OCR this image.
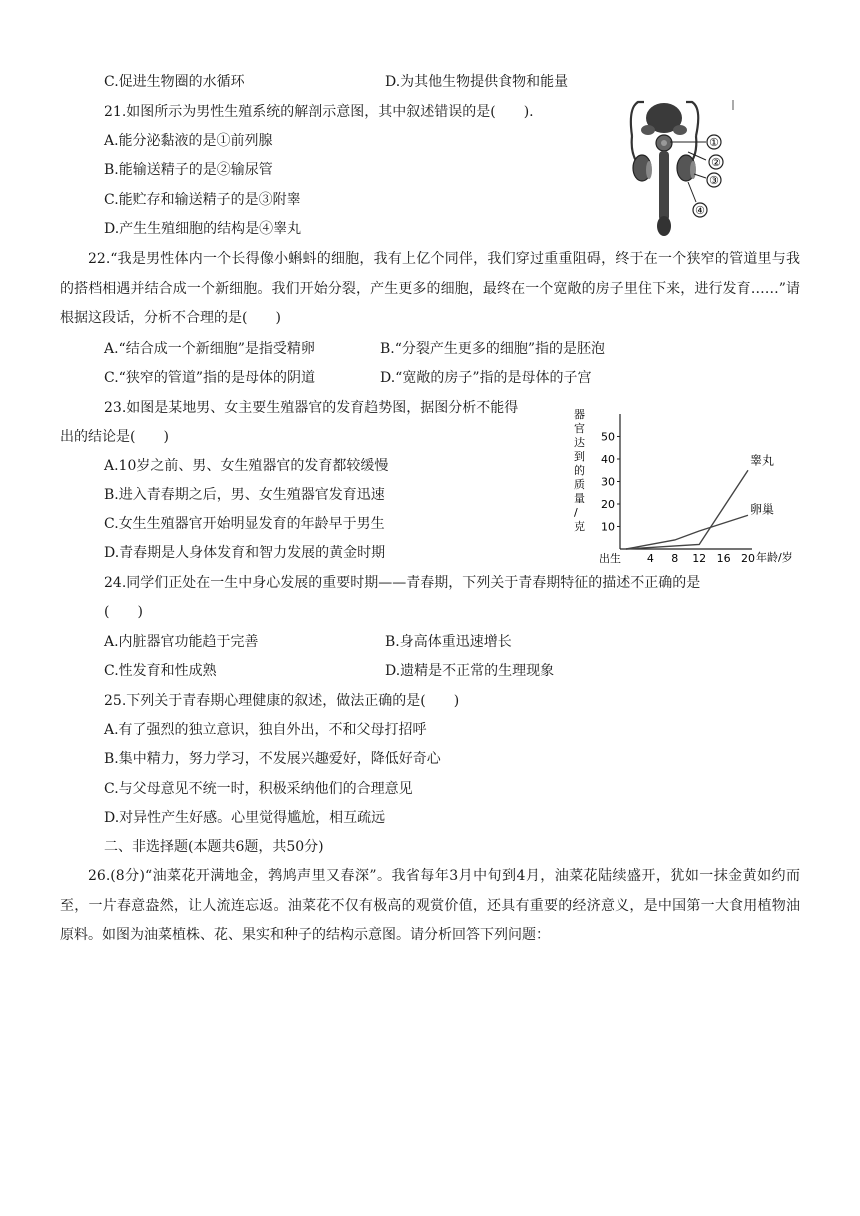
C.促进生物圈的水循环	D.为其他生物提供食物和能量
21.如图所示为男性生殖系统的解剖示意图，其中叙述错误的是(　　).
A.能分泌黏液的是①前列腺
B.能输送精子的是②输尿管
C.能贮存和输送精子的是③附睾
D.产生生殖细胞的结构是④睾丸
①
②
③
④
22.“我是男性体内一个长得像小蝌蚪的细胞，我有上亿个同伴，我们穿过重重阻碍，终于在一个狭窄的管道里与我的搭档相遇并结合成一个新细胞。我们开始分裂，产生更多的细胞，最终在一个宽敞的房子里住下来，进行发育……”请根据这段话，分析不合理的是(　　)
A.“结合成一个新细胞”是指受精卵	B.“分裂产生更多的细胞”指的是胚泡
C.“狭窄的管道”指的是母体的阴道	D.“宽敞的房子”指的是母体的子宫
23.如图是某地男、女主要生殖器官的发育趋势图，据图分析不能得
出的结论是(　　)
A.10岁之前、男、女生殖器官的发育都较缓慢
B.进入青春期之后，男、女生殖器官发育迅速
C.女生生殖器官开始明显发育的年龄早于男生
D.青春期是人身体发育和智力发展的黄金时期
器
官
达
到
的
质
量
/
克 10
20
30
40
50
出生 4 8 12 16 20
睾丸
卵巢
年龄/岁
24.同学们正处在一生中身心发展的重要时期——青春期，下列关于青春期特征的描述不正确的是
(　　)
A.内脏器官功能趋于完善	B.身高体重迅速增长
C.性发育和性成熟	D.遗精是不正常的生理现象
25.下列关于青春期心理健康的叙述，做法正确的是(　　)
A.有了强烈的独立意识，独自外出，不和父母打招呼
B.集中精力，努力学习，不发展兴趣爱好，降低好奇心
C.与父母意见不统一时，积极采纳他们的合理意见
D.对异性产生好感。心里觉得尴尬，相互疏远
二、非选择题(本题共6题，共50分)
26.(8分)“油菜花开满地金，鹁鸠声里又春深”。我省每年3月中旬到4月，油菜花陆续盛开，犹如一抹金黄如约而至，一片春意盎然，让人流连忘返。油菜花不仅有极高的观赏价值，还具有重要的经济意义，是中国第一大食用植物油原料。如图为油菜植株、花、果实和种子的结构示意图。请分析回答下列问题：
